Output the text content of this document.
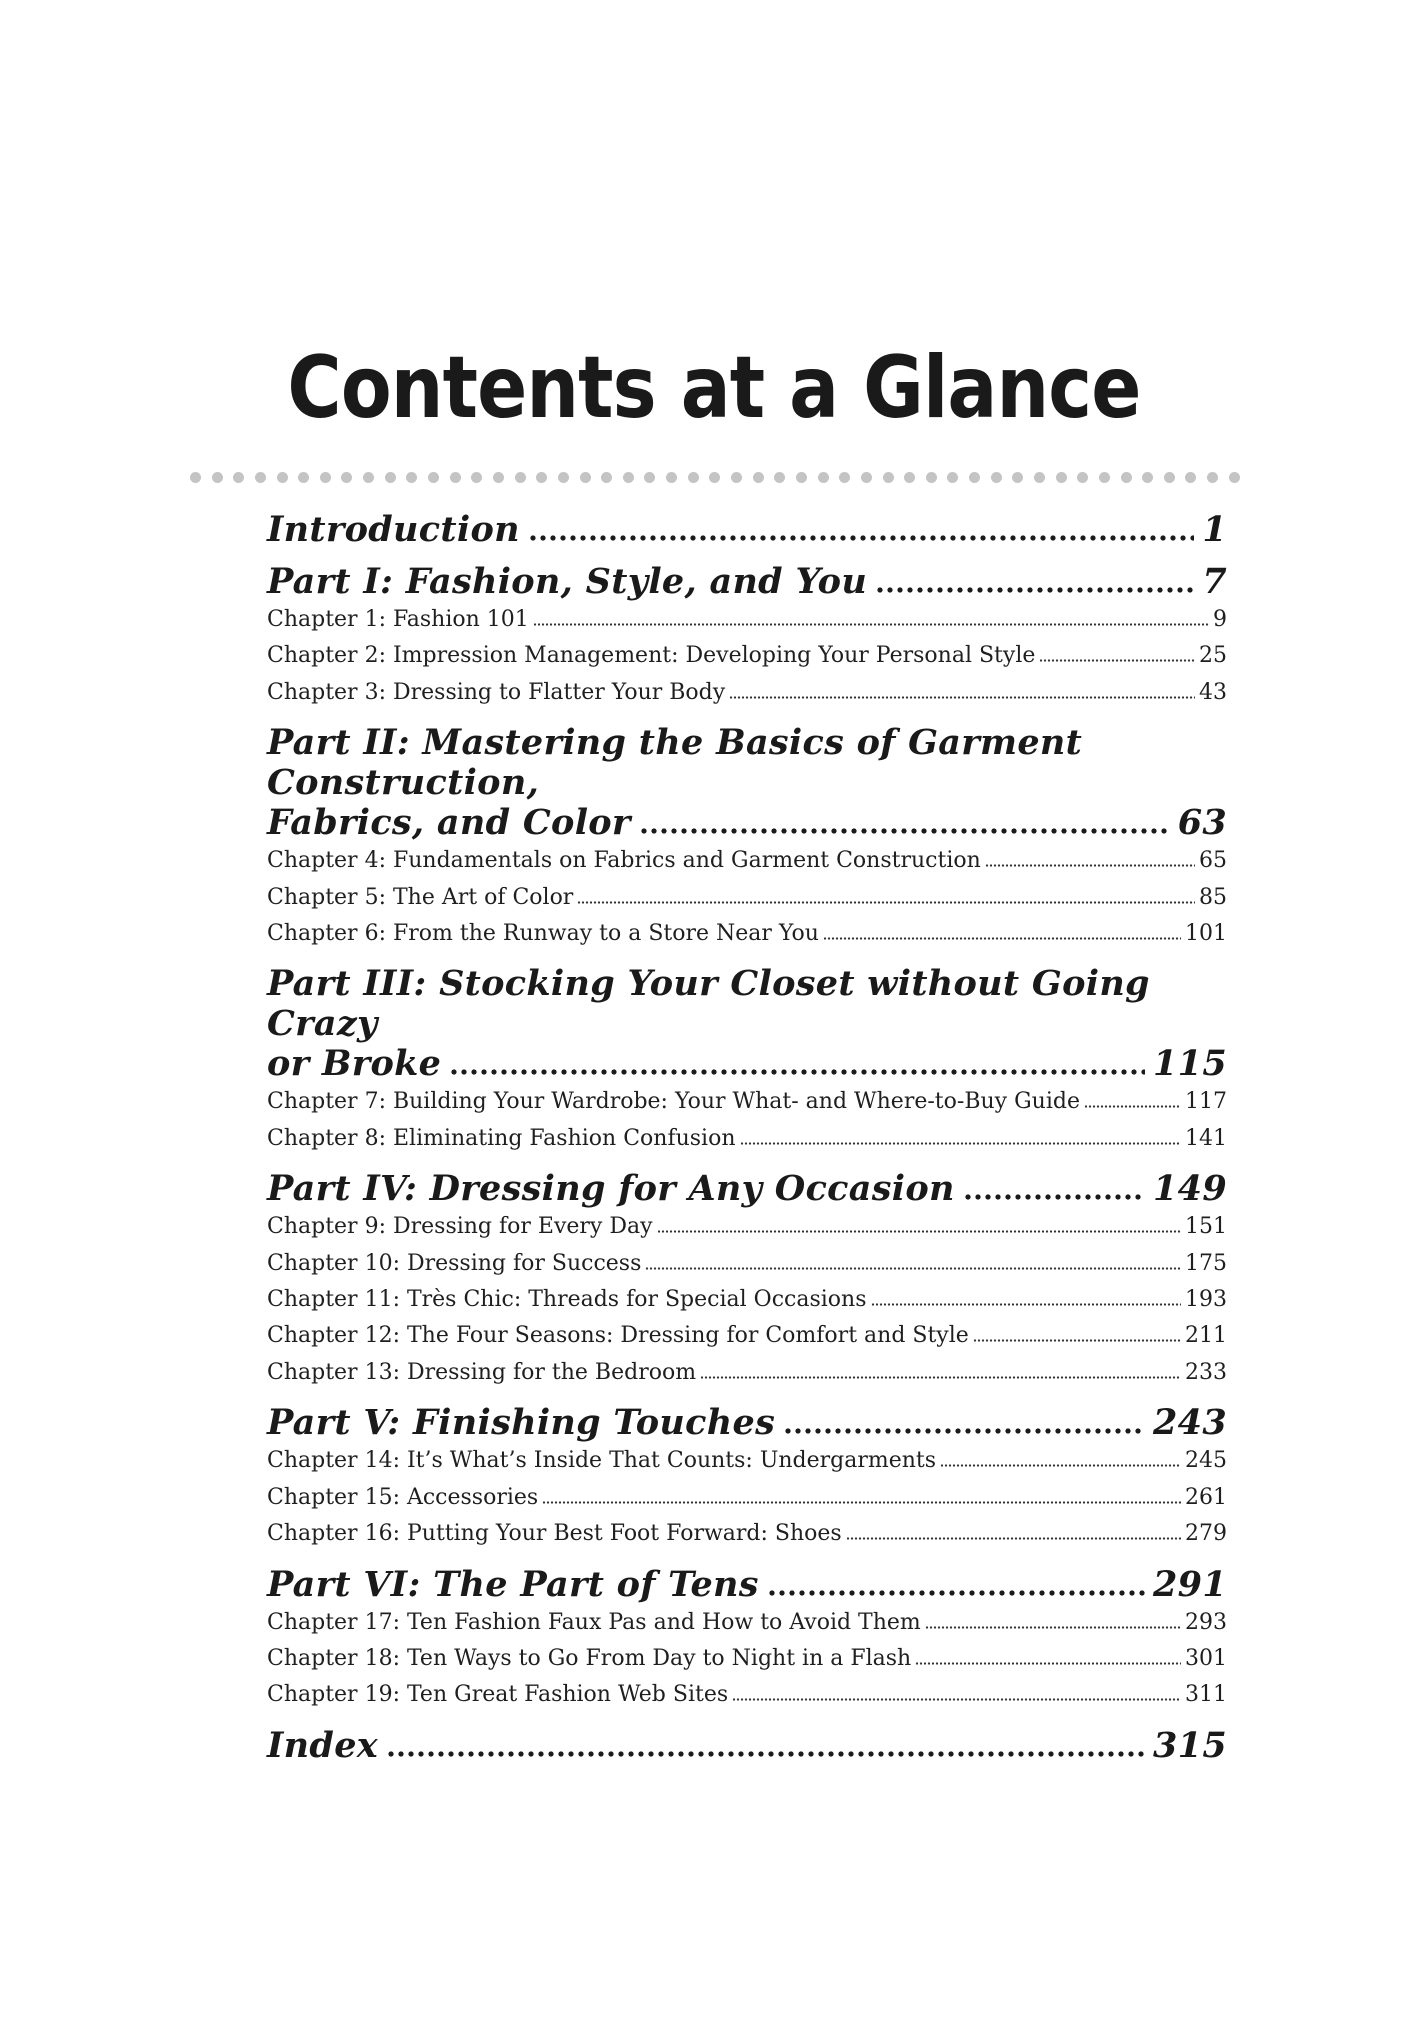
Contents at a Glance
Introduction	1
Part I: Fashion, Style, and You	7
Chapter 1: Fashion 101	9
Chapter 2: Impression Management: Developing Your Personal Style	25
Chapter 3: Dressing to Flatter Your Body	43
Part II: Mastering the Basics of Garment Construction,
Fabrics, and Color	63
Chapter 4: Fundamentals on Fabrics and Garment Construction	65
Chapter 5: The Art of Color	85
Chapter 6: From the Runway to a Store Near You	101
Part III: Stocking Your Closet without Going Crazy
or Broke	115
Chapter 7: Building Your Wardrobe: Your What- and Where-to-Buy Guide	117
Chapter 8: Eliminating Fashion Confusion	141
Part IV: Dressing for Any Occasion	149
Chapter 9: Dressing for Every Day	151
Chapter 10: Dressing for Success	175
Chapter 11: Très Chic: Threads for Special Occasions	193
Chapter 12: The Four Seasons: Dressing for Comfort and Style	211
Chapter 13: Dressing for the Bedroom	233
Part V: Finishing Touches	243
Chapter 14: It’s What’s Inside That Counts: Undergarments	245
Chapter 15: Accessories	261
Chapter 16: Putting Your Best Foot Forward: Shoes	279
Part VI: The Part of Tens	291
Chapter 17: Ten Fashion Faux Pas and How to Avoid Them	293
Chapter 18: Ten Ways to Go From Day to Night in a Flash	301
Chapter 19: Ten Great Fashion Web Sites	311
Index	315
